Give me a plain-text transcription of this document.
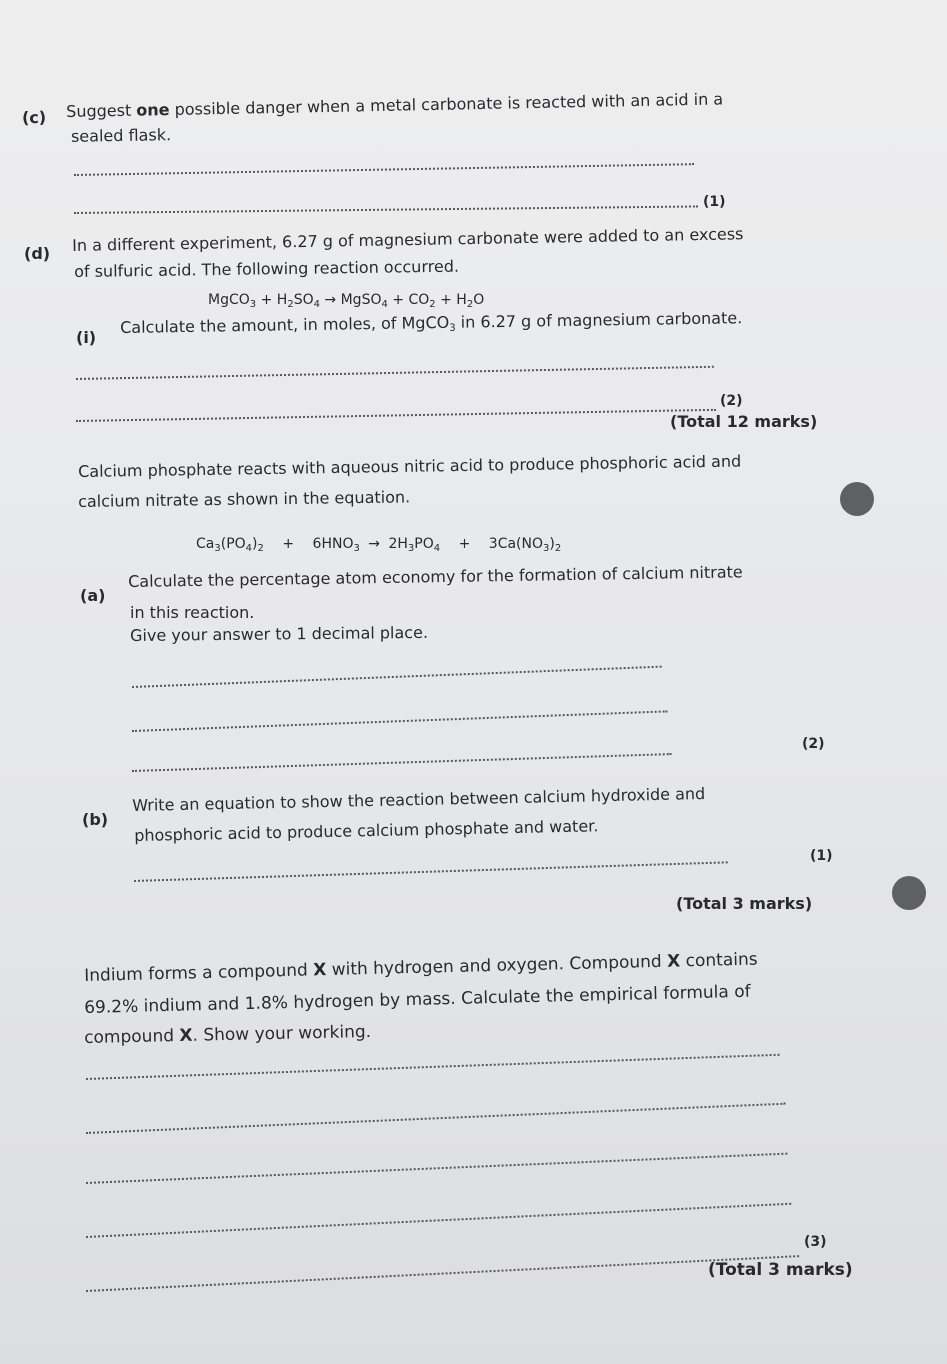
(c) Suggest one possible danger when a metal carbonate is reacted with an acid in a
sealed flask.
(1)
(d) In a different experiment, 6.27 g of magnesium carbonate were added to an excess
of sulfuric acid. The following reaction occurred.
MgCO$_3$ + $H_2SO_4$ → MgSO$_4$ + $CO_2 + H_2O$
(i)
Calculate the amount, in moles, of MgCO$_3$ in 6.27 g of magnesium carbonate.
(2)
(Total 12 marks)
Calcium phosphate reacts with aqueous nitric acid to produce phosphoric acid and
calcium nitrate as shown in the equation.
$Ca_3(PO_4)_2 + 6HNO_3 \to 2H_3PO_4 + 3Ca(NO_3)_2$
(a)
Calculate the percentage atom economy for the formation of calcium nitrate
in this reaction.
Give your answer to 1 decimal place.
(2)
(b)
Write an equation to show the reaction between calcium hydroxide and
phosphoric acid to produce calcium phosphate and water.
(1)
(Total 3 marks)
Indium forms a compound X with hydrogen and oxygen. Compound X contains
69.2% indium and 1.8% hydrogen by mass. Calculate the empirical formula of
compound X. Show your working.
(3)
(Total 3 marks)
